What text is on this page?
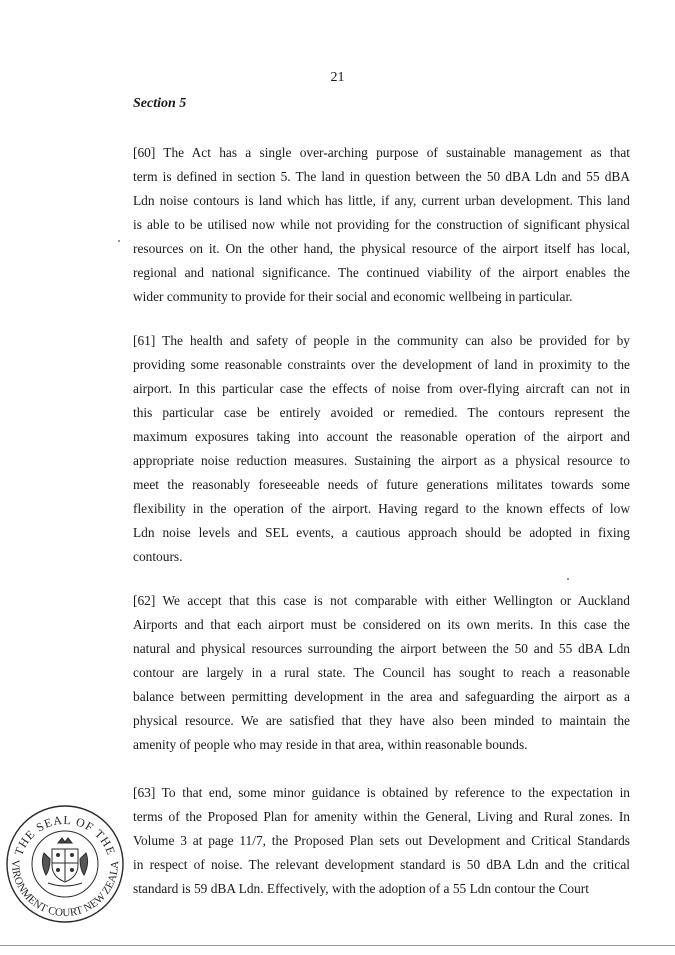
21
Section 5
[60] The Act has a single over-arching purpose of sustainable management as that
term is defined in section 5. The land in question between the 50 dBA Ldn and 55 dBA
Ldn noise contours is land which has little, if any, current urban development. This land
is able to be utilised now while not providing for the construction of significant physical
resources on it. On the other hand, the physical resource of the airport itself has local,
regional and national significance. The continued viability of the airport enables the
wider community to provide for their social and economic wellbeing in particular.
[61] The health and safety of people in the community can also be provided for by
providing some reasonable constraints over the development of land in proximity to the
airport. In this particular case the effects of noise from over-flying aircraft can not in
this particular case be entirely avoided or remedied. The contours represent the
maximum exposures taking into account the reasonable operation of the airport and
appropriate noise reduction measures. Sustaining the airport as a physical resource to
meet the reasonably foreseeable needs of future generations militates towards some
flexibility in the operation of the airport. Having regard to the known effects of low
Ldn noise levels and SEL events, a cautious approach should be adopted in fixing
contours.
[62] We accept that this case is not comparable with either Wellington or Auckland
Airports and that each airport must be considered on its own merits. In this case the
natural and physical resources surrounding the airport between the 50 and 55 dBA Ldn
contour are largely in a rural state. The Council has sought to reach a reasonable
balance between permitting development in the area and safeguarding the airport as a
physical resource. We are satisfied that they have also been minded to maintain the
amenity of people who may reside in that area, within reasonable bounds.
[63] To that end, some minor guidance is obtained by reference to the expectation in
terms of the Proposed Plan for amenity within the General, Living and Rural zones. In
Volume 3 at page 11/7, the Proposed Plan sets out Development and Critical Standards
in respect of noise. The relevant development standard is 50 dBA Ldn and the critical
standard is 59 dBA Ldn. Effectively, with the adoption of a 55 Ldn contour the Court
THE SEAL OF THE
VIRONMENT COURT NEW ZEALA
